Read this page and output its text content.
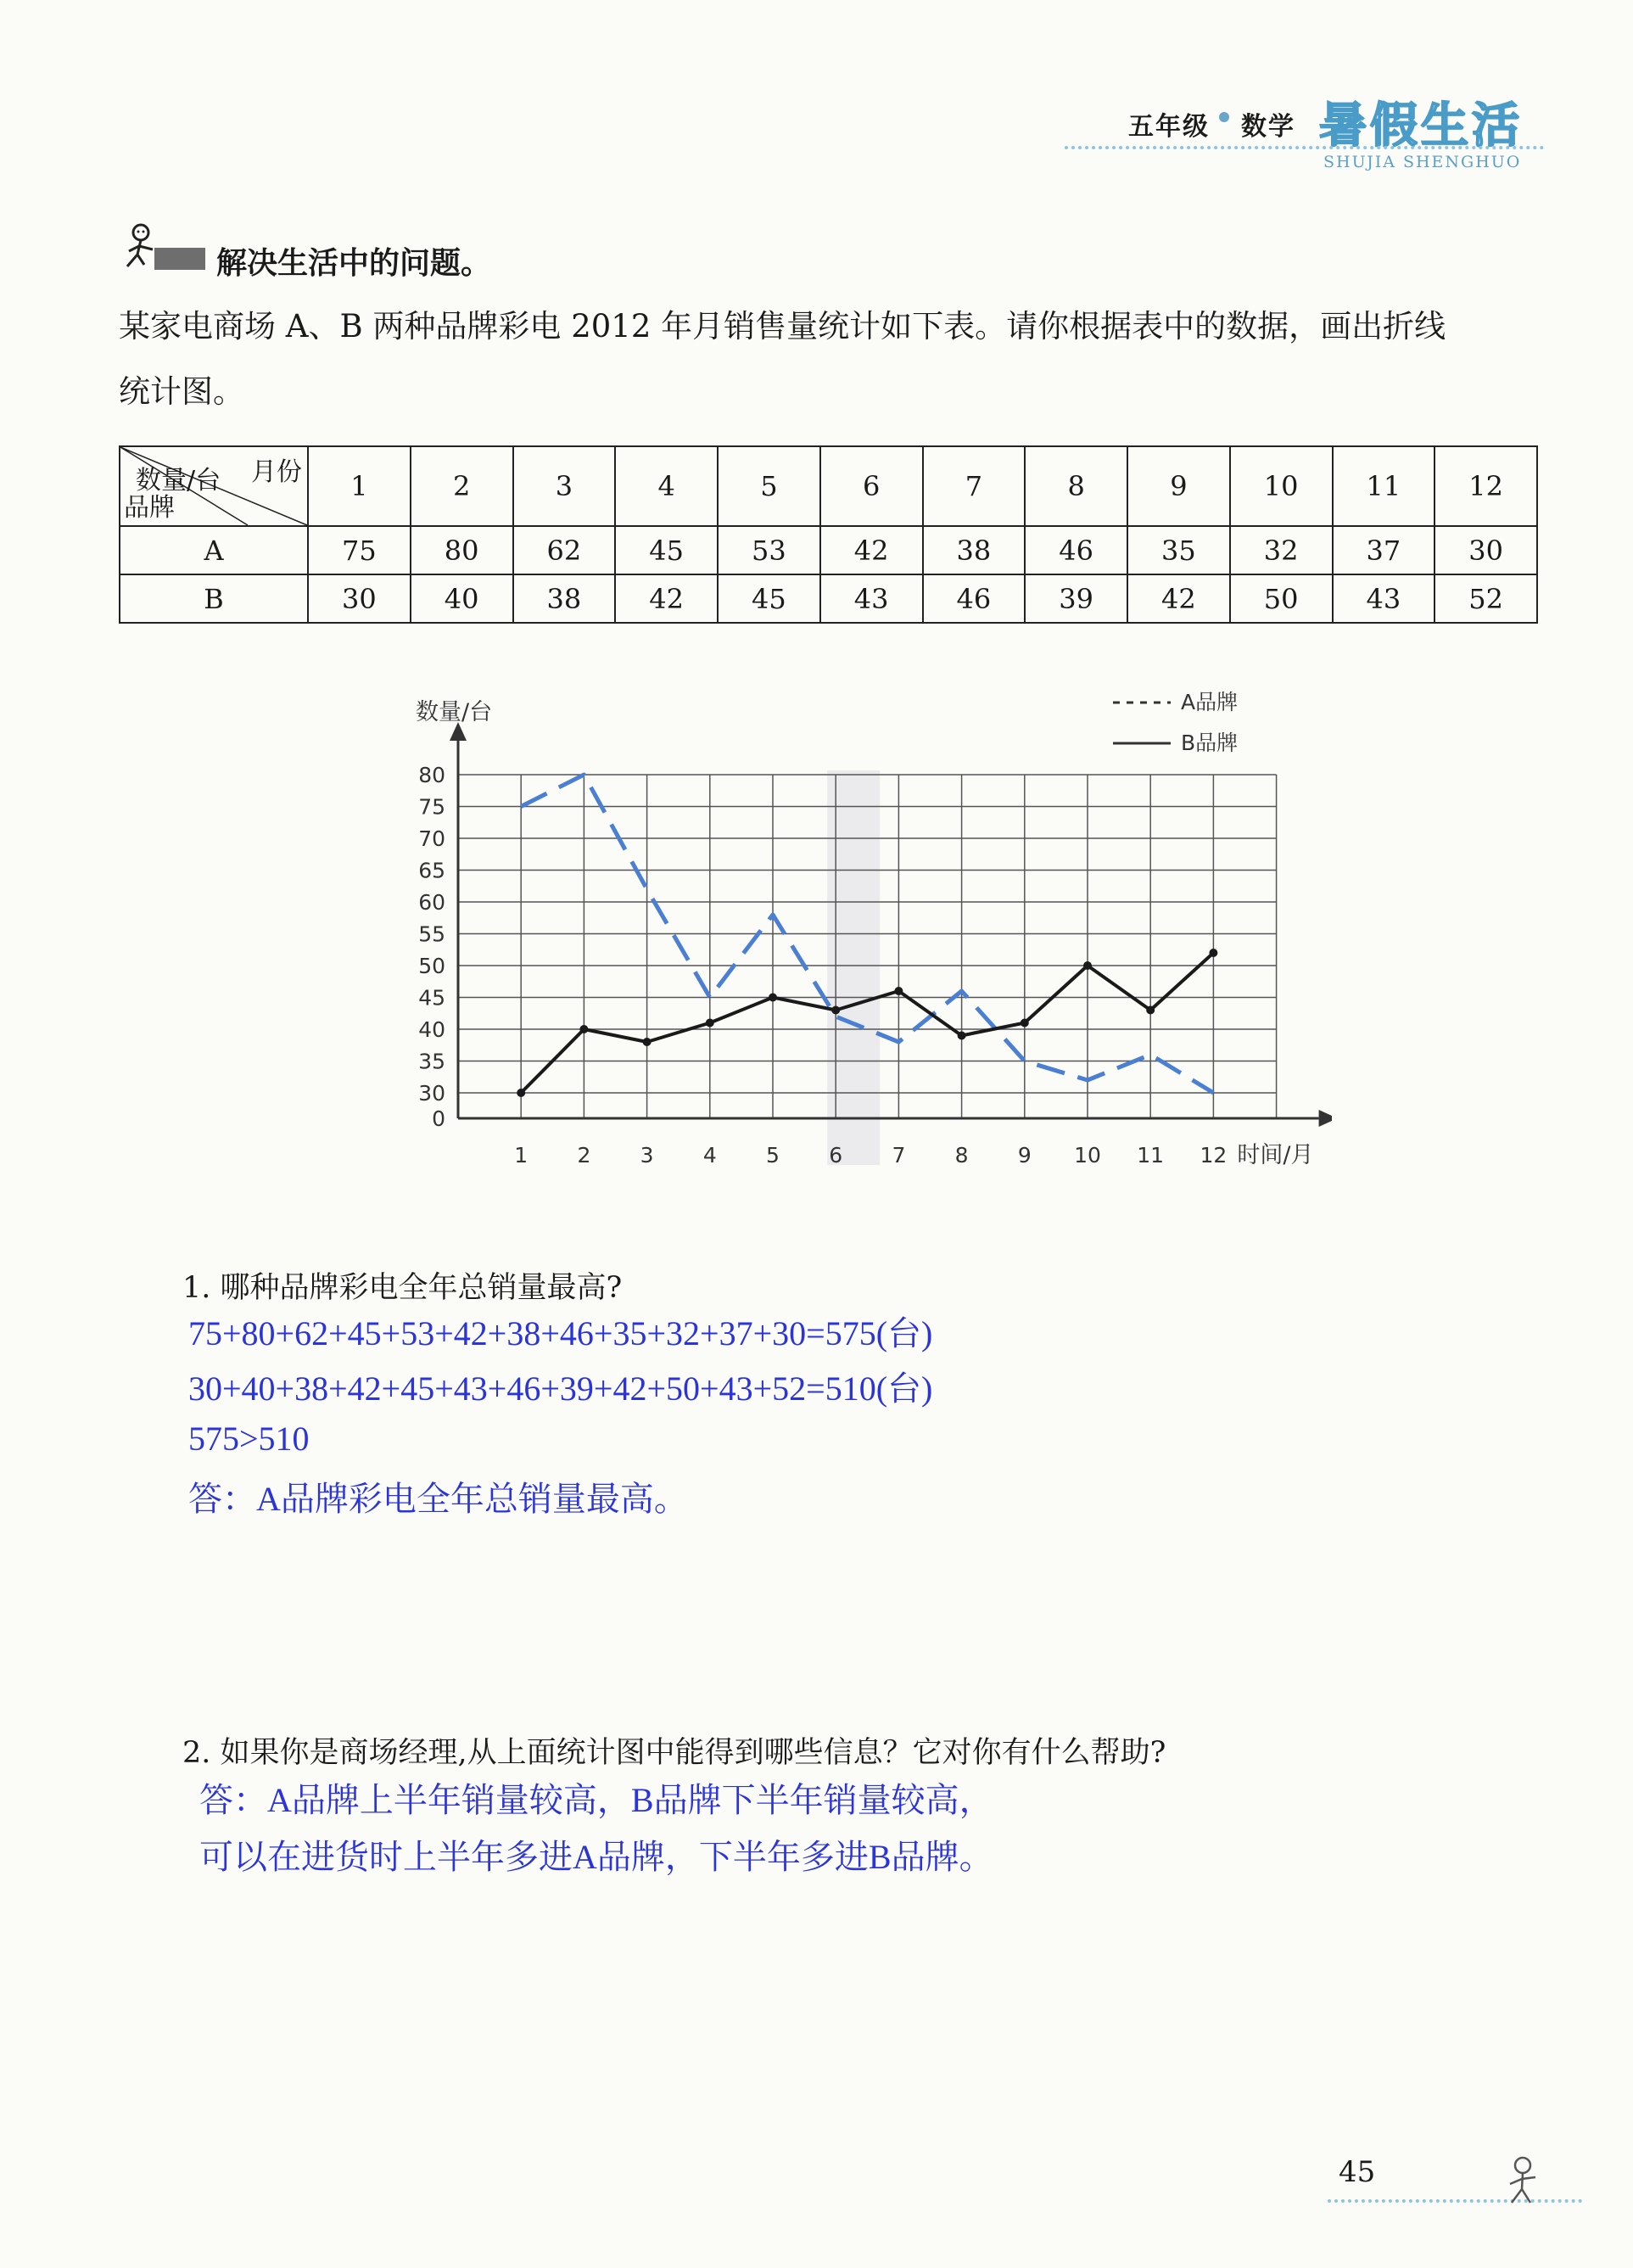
五年级 数学 暑假生活
SHUJIA SHENGHUO
解决生活中的问题。
某家电商场 A、B 两种品牌彩电 2012 年月销售量统计如下表。请你根据表中的数据，画出折线
统计图。
月份
数量/台
品牌	1	2	3	4	5	6	7	8	9	10	11	12
A	75	80	62	45	53	42	38	46	35	32	37	30
B	30	40	38	42	45	43	46	39	42	50	43	52
0
30
35
40
45
50
55
60
65
70
75
80
1 2 3 4 5 6 7 8 9 10 11 12
数量/台
时间/月
A品牌
B品牌
1. 哪种品牌彩电全年总销量最高?
75+80+62+45+53+42+38+46+35+32+37+30=575(台)
30+40+38+42+45+43+46+39+42+50+43+52=510(台)
575>510
答：A品牌彩电全年总销量最高。
2. 如果你是商场经理,从上面统计图中能得到哪些信息？它对你有什么帮助?
答：A品牌上半年销量较高，B品牌下半年销量较高，
可以在进货时上半年多进A品牌，下半年多进B品牌。
45
